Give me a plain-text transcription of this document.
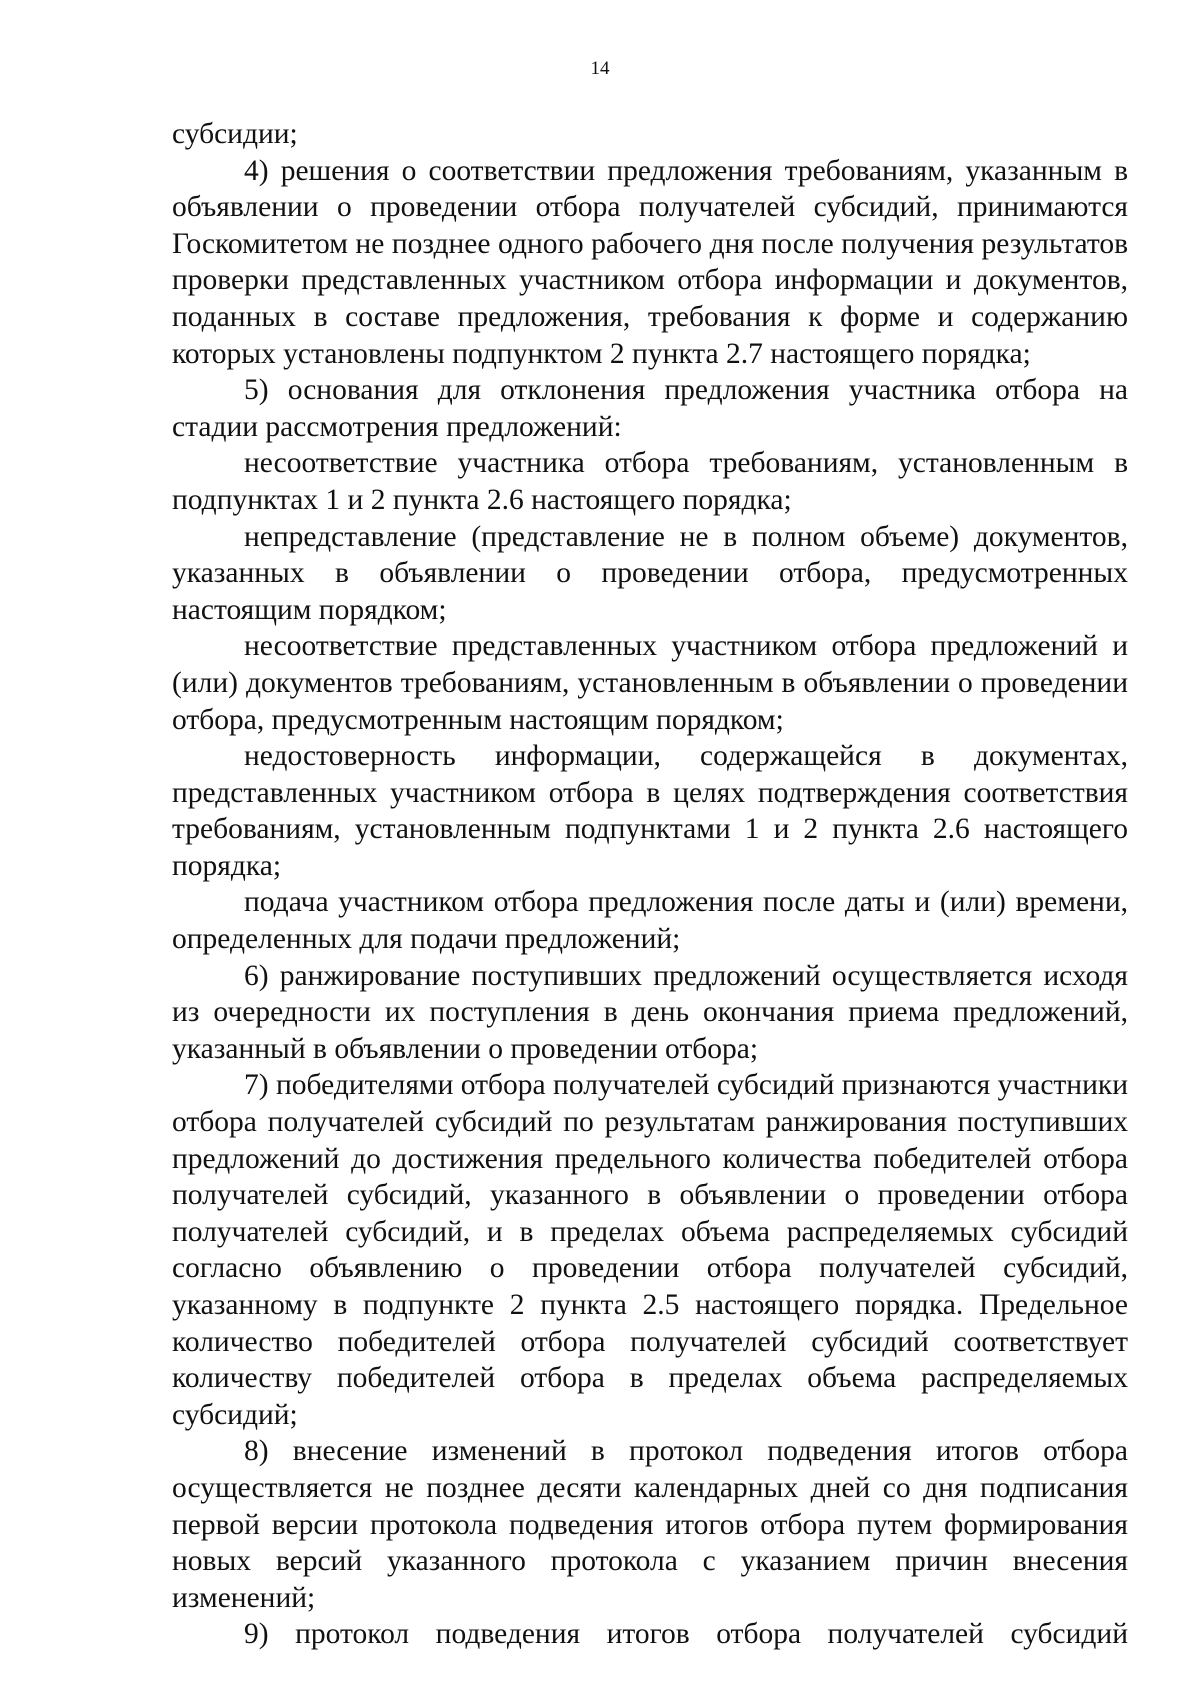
14

субсидии;

4) решения о соответствии предложения требованиям, указанным в объявлении о проведении отбора получателей субсидий, принимаются Госкомитетом не позднее одного рабочего дня после получения результатов проверки представленных участником отбора информации и документов, поданных в составе предложения, требования к форме и содержанию которых установлены подпунктом 2 пункта 2.7 настоящего порядка;

5) основания для отклонения предложения участника отбора на стадии рассмотрения предложений:

несоответствие участника отбора требованиям, установленным в подпунктах 1 и 2 пункта 2.6 настоящего порядка;

непредставление (представление не в полном объеме) документов, указанных в объявлении о проведении отбора, предусмотренных настоящим порядком;

несоответствие представленных участником отбора предложений и (или) документов требованиям, установленным в объявлении о проведении отбора, предусмотренным настоящим порядком;

недостоверность информации, содержащейся в документах, представленных участником отбора в целях подтверждения соответствия требованиям, установленным подпунктами 1 и 2 пункта 2.6 настоящего порядка;

подача участником отбора предложения после даты и (или) времени, определенных для подачи предложений;

6) ранжирование поступивших предложений осуществляется исходя из очередности их поступления в день окончания приема предложений, указанный в объявлении о проведении отбора;

7) победителями отбора получателей субсидий признаются участники отбора получателей субсидий по результатам ранжирования поступивших предложений до достижения предельного количества победителей отбора получателей субсидий, указанного в объявлении о проведении отбора получателей субсидий, и в пределах объема распределяемых субсидий согласно объявлению о проведении отбора получателей субсидий, указанному в подпункте 2 пункта 2.5 настоящего порядка. Предельное количество победителей отбора получателей субсидий соответствует количеству победителей отбора в пределах объема распределяемых субсидий;

8) внесение изменений в протокол подведения итогов отбора осуществляется не позднее десяти календарных дней со дня подписания первой версии протокола подведения итогов отбора путем формирования новых версий указанного протокола с указанием причин внесения изменений;

9) протокол подведения итогов отбора получателей субсидий
